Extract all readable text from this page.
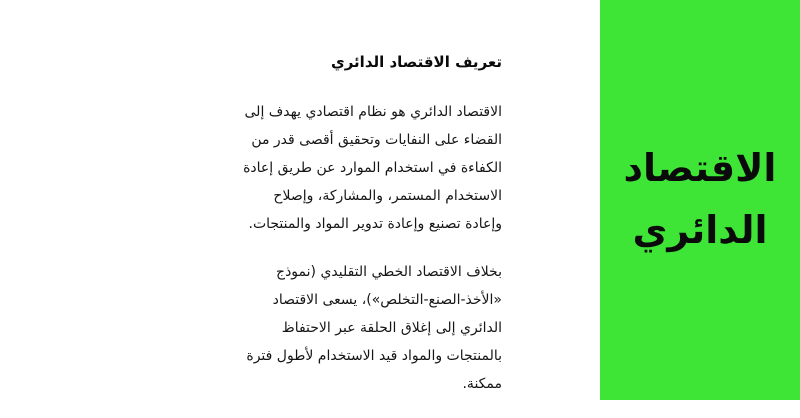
الاقتصاد
الدائري
تعريف الاقتصاد الدائري

الاقتصاد الدائري هو نظام اقتصادي يهدف إلى القضاء على النفايات وتحقيق أقصى قدر من الكفاءة في استخدام الموارد عن طريق إعادة الاستخدام المستمر، والمشاركة، وإصلاح وإعادة تصنيع وإعادة تدوير المواد والمنتجات.

بخلاف الاقتصاد الخطي التقليدي (نموذج «الأخذ-الصنع-التخلص»)، يسعى الاقتصاد الدائري إلى إغلاق الحلقة عبر الاحتفاظ بالمنتجات والمواد قيد الاستخدام لأطول فترة ممكنة.
